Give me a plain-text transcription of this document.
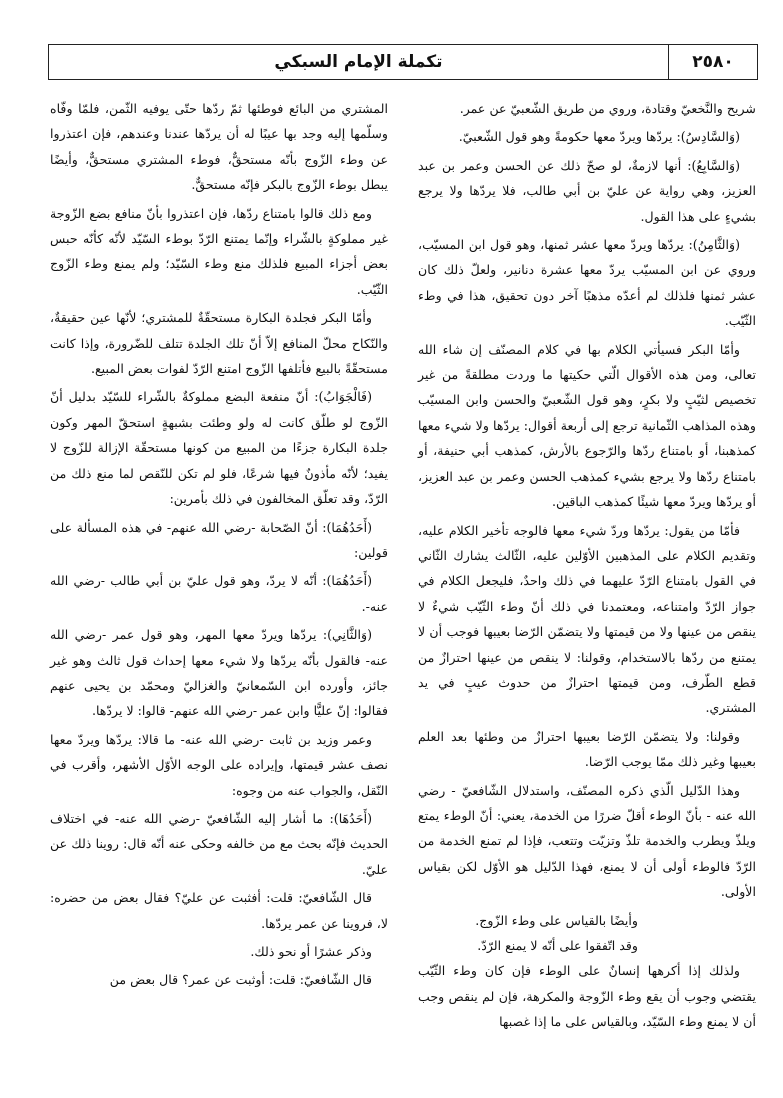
٢٥٨٠
تكملة الإمام السبكي

شريح والنَّخعيّ وقتادة، وروي من طريق الشّعبيّ عن عمر.

(وَالسَّادِسُ): يردّها ويردّ معها حكومةً وهو قول الشّعبيّ.

(وَالسَّابِعُ): أنها لازمةٌ، لو صحّ ذلك عن الحسن وعمر بن عبد العزيز، وهي رواية عن عليّ بن أبي طالب، فلا يردّها ولا يرجع بشيءٍ على هذا القول.

(وَالثَّامِنُ): يردّها ويردّ معها عشر ثمنها، وهو قول ابن المسيّب، وروي عن ابن المسيّب يردّ معها عشرة دنانير، ولعلّ ذلك كان عشر ثمنها فلذلك لم أعدّه مذهبًا آخر دون تحقيق، هذا في وطء الثّيّب.

وأمّا البكر فسيأتي الكلام بها في كلام المصنّف إن شاء الله تعالى، ومن هذه الأقوال الّتي حكيتها ما وردت مطلقةً من غير تخصيص لثيّبٍ ولا بكرٍ، وهو قول الشّعبيّ والحسن وابن المسيّب وهذه المذاهب الثّمانية ترجع إلى أربعة أقوال: يردّها ولا شيء معها كمذهبنا، أو بامتناع ردّها والرّجوع بالأرش، كمذهب أبي حنيفة، أو بامتناع ردّها ولا يرجع بشيء كمذهب الحسن وعمر بن عبد العزيز، أو يردّها ويردّ معها شيئًا كمذهب الباقين.

فأمّا من يقول: يردّها وردّ شيء معها فالوجه تأخير الكلام عليه، وتقديم الكلام على المذهبين الأوّلين عليه، الثّالث يشارك الثّاني في القول بامتناع الرّدّ عليهما في ذلك واحدٌ، فليجعل الكلام في جواز الرّدّ وامتناعه، ومعتمدنا في ذلك أنّ وطء الثّيّب شيءٌ لا ينقص من عينها ولا من قيمتها ولا يتضمّن الرّضا بعيبها فوجب أن لا يمتنع من ردّها بالاستخدام، وقولنا: لا ينقص من عينها احترازٌ من قطع الطّرف، ومن قيمتها احترازٌ من حدوث عيبٍ في يد المشتري.

وقولنا: ولا يتضمّن الرّضا بعيبها احترازٌ من وطئها بعد العلم بعيبها وغير ذلك ممّا يوجب الرّضا.

وهذا الدّليل الّذي ذكره المصنّف، واستدلال الشّافعيّ - رضي الله عنه - بأنّ الوطء أقلّ ضررًا من الخدمة، يعني: أنّ الوطء يمتع ويلذّ ويطرب والخدمة تلذّ وتزيّت وتتعب، فإذا لم تمنع الخدمة من الرّدّ فالوطء أولى أن لا يمنع، فهذا الدّليل هو الأوّل لكن بقياس الأولى.

وأيضًا بالقياس على وطء الزّوج.

وقد اتّفقوا على أنّه لا يمنع الرّدّ.

ولذلك إذا أكرهها إنسانٌ على الوطء فإن كان وطء الثّيّب يقتضي وجوب أن يقع وطء الزّوجة والمكرهة، فإن لم ينقص وجب أن لا يمنع وطء السّيّد، وبالقياس على ما إذا غصبها

المشتري من البائع فوطئها ثمّ ردّها حتّى يوفيه الثّمن، فلمّا وفّاه وسلّمها إليه وجد بها عيبًا له أن يردّها عندنا وعندهم، فإن اعتذروا عن وطء الزّوج بأنّه مستحقٌّ، فوطء المشتري مستحقٌّ، وأيضًا يبطل بوطء الزّوج بالبكر فإنّه مستحقٌّ.

ومع ذلك قالوا بامتناع ردّها، فإن اعتذروا بأنّ منافع بضع الزّوجة غير مملوكةٍ بالشّراء وإنّما يمتنع الرّدّ بوطء السّيّد لأنّه كأنّه حبس بعض أجزاء المبيع فلذلك منع وطء السّيّد؛ ولم يمنع وطء الزّوج الثّيّب.

وأمّا البكر فجلدة البكارة مستحقّةٌ للمشتري؛ لأنّها عين حقيقةٌ، والنّكاح محلّ المنافع إلاّ أنّ تلك الجلدة تتلف للضّرورة، وإذا كانت مستحقّةً بالبيع فأتلفها الزّوج امتنع الرّدّ لفوات بعض المبيع.

(فَالْجَوَابُ): أنّ منفعة البضع مملوكةٌ بالشّراء للسّيّد بدليل أنّ الزّوج لو طلّق كانت له ولو وطئت بشبهةٍ استحقّ المهر وكون جلدة البكارة جزءًا من المبيع من كونها مستحقّة الإزالة للزّوج لا يفيد؛ لأنّه مأذونٌ فيها شرعًا، فلو لم تكن للنّقص لما منع ذلك من الرّدّ، وقد تعلّق المخالفون في ذلك بأمرين:

(أَحَدُهُمَا): أنّ الصّحابة -رضي الله عنهم- في هذه المسألة على قولين:

(أَحَدُهُمَا): أنّه لا يردّ، وهو قول عليّ بن أبي طالب -رضي الله عنه-.

(وَالثَّانِي): يردّها ويردّ معها المهر، وهو قول عمر -رضي الله عنه- فالقول بأنّه يردّها ولا شيء معها إحداث قول ثالث وهو غير جائز، وأورده ابن السّمعانيّ والغزاليّ ومحمّد بن يحيى عنهم فقالوا: إنّ عليًّا وابن عمر -رضي الله عنهم- قالوا: لا يردّها.

وعمر وزيد بن ثابت -رضي الله عنه- ما قالا: يردّها ويردّ معها نصف عشر قيمتها، وإيراده على الوجه الأوّل الأشهر، وأقرب في النّقل، والجواب عنه من وجوه:

(أَحَدُهَا): ما أشار إليه الشّافعيّ -رضي الله عنه- في اختلاف الحديث فإنّه بحث مع من خالفه وحكى عنه أنّه قال: روينا ذلك عن عليّ.

قال الشّافعيّ: قلت: أفثبت عن عليّ؟ فقال بعض من حضره: لا، فروينا عن عمر يردّها.

وذكر عشرًا أو نحو ذلك.

قال الشّافعيّ: قلت: أوثبت عن عمر؟ قال بعض من
